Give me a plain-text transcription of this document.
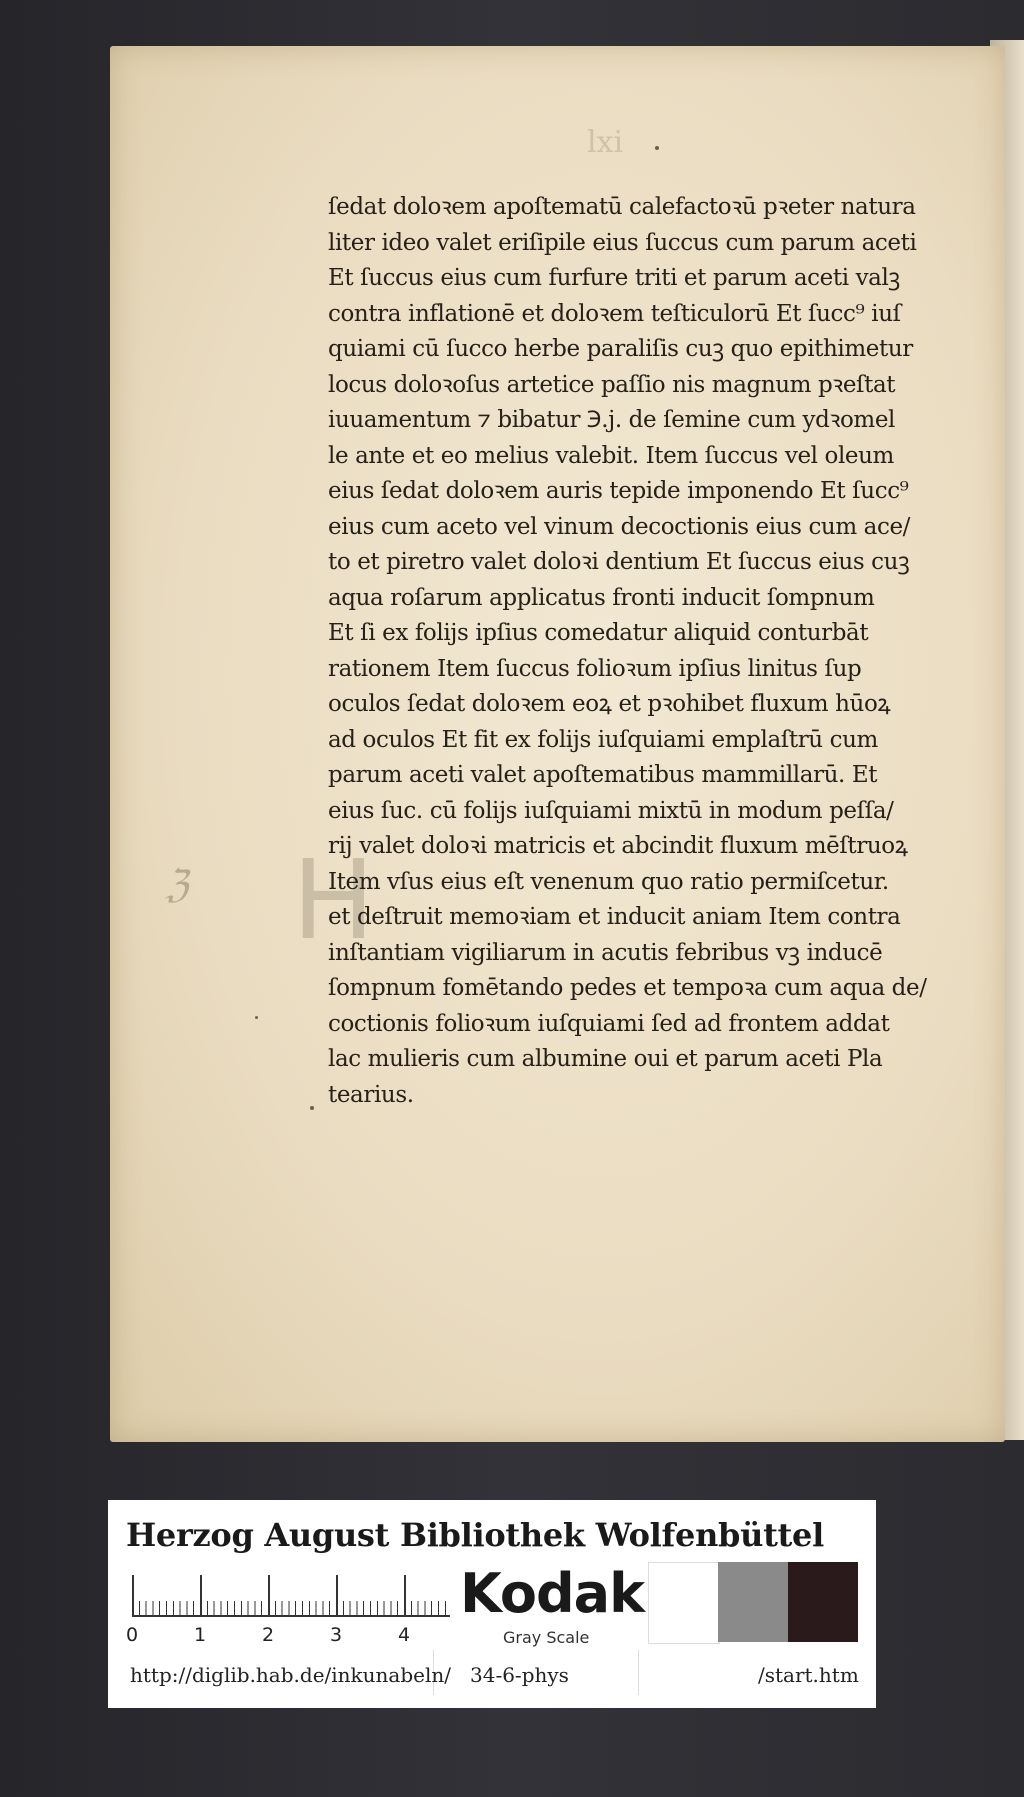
lxi
ℨ H
ſedat doloꝛem apoſtematū calefactoꝛū pꝛeter natura
liter ideo valet eriſipile eius ſuccus cum parum aceti
Et ſuccus eius cum furfure triti et parum aceti valꝫ
contra inflationē et doloꝛem teſticulorū Et ſucc⁹ iuſ
quiami cū ſucco herbe paraliſis cuꝫ quo epithimetur
locus doloꝛoſus artetice paſſio nis magnum pꝛeſtat
iuuamentum ⁊ bibatur ℈.j. de ſemine cum ydꝛomel
le ante et eo melius valebit. Item ſuccus vel oleum
eius ſedat doloꝛem auris tepide imponendo Et ſucc⁹
eius cum aceto vel vinum decoctionis eius cum ace/
to et piretro valet doloꝛi dentium Et ſuccus eius cuꝫ
aqua roſarum applicatus fronti inducit ſompnum
Et ſi ex folijs ipſius comedatur aliquid conturbāt
rationem Item ſuccus folioꝛum ipſius linitus ſup
oculos ſedat doloꝛem eoꝝ et pꝛohibet fluxum hūoꝝ
ad oculos Et fit ex folijs iuſquiami emplaſtrū cum
parum aceti valet apoſtematibus mammillarū. Et
eius ſuc. cū folijs iuſquiami mixtū in modum peſſa/
rij valet doloꝛi matricis et abcindit fluxum mēſtruoꝝ
Item vſus eius eſt venenum quo ratio permiſcetur.
et deſtruit memoꝛiam et inducit aniam Item contra
inſtantiam vigiliarum in acutis febribus vꝫ inducē
ſompnum fomētando pedes et tempoꝛa cum aqua de/
coctionis folioꝛum iuſquiami ſed ad frontem addat
lac mulieris cum albumine oui et parum aceti Pla
tearius.
Herzog August Bibliothek Wolfenbüttel
0	1	2	3	4
Kodak
Gray Scale
http://diglib.hab.de/inkunabeln/ 34-6-phys	/start.htm
